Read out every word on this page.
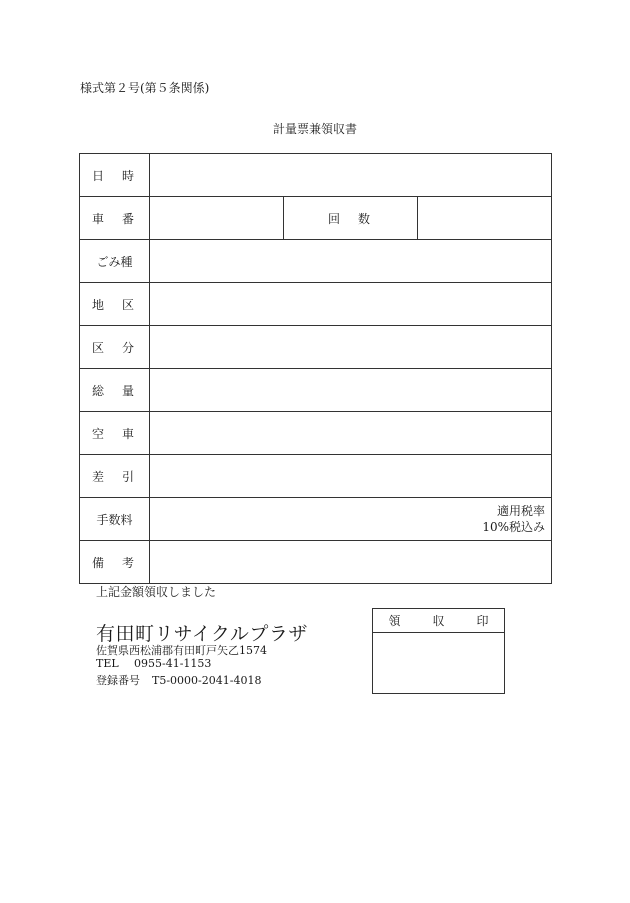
様式第２号(第５条関係)
計量票兼領収書
日　時			
車　番		回　数	
ごみ種			
地　区			
区　分			
総　量			
空　車			
差　引			
手数料	適用税率
10%税込み		

備　考			
上記金額領収しました
有田町リサイクルプラザ
佐賀県西松浦郡有田町戸矢乙1574
TEL 0955-41-1153
登録番号 T5-0000-2041-4018
領　収　印
